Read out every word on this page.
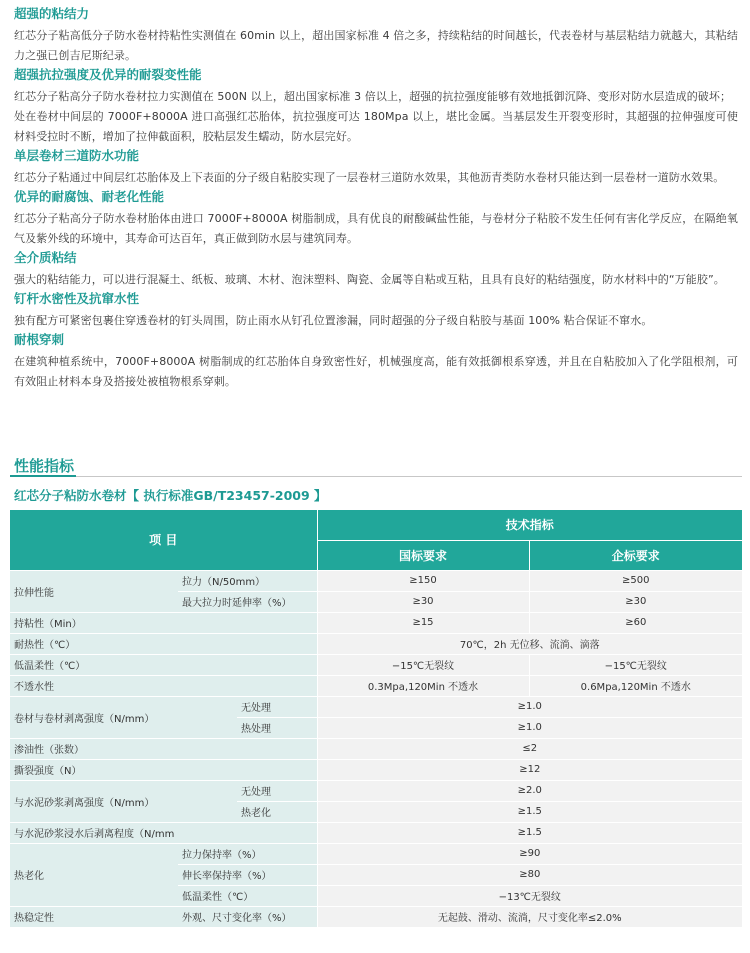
超强的粘结力

红芯分子粘高低分子防水卷材持粘性实测值在 60min 以上，超出国家标准 4 倍之多，持续粘结的时间越长，代表卷材与基层粘结力就越大，其粘结力之强已创吉尼斯纪录。

超强抗拉强度及优异的耐裂变性能

红芯分子粘高分子防水卷材拉力实测值在 500N 以上，超出国家标准 3 倍以上，超强的抗拉强度能够有效地抵御沉降、变形对防水层造成的破坏；

处在卷材中间层的 7000F+8000A 进口高强红芯胎体，抗拉强度可达 180Mpa 以上，堪比金属。当基层发生开裂变形时，其超强的拉伸强度可使材料受拉时不断，增加了拉伸截面积，胶粘层发生蠕动，防水层完好。

单层卷材三道防水功能

红芯分子粘通过中间层红芯胎体及上下表面的分子级自粘胶实现了一层卷材三道防水效果，其他沥青类防水卷材只能达到一层卷材一道防水效果。

优异的耐腐蚀、耐老化性能

红芯分子粘高分子防水卷材胎体由进口 7000F+8000A 树脂制成，具有优良的耐酸碱盐性能，与卷材分子粘胶不发生任何有害化学反应，在隔绝氧气及紫外线的环境中，其寿命可达百年，真正做到防水层与建筑同寿。

全介质粘结

强大的粘结能力，可以进行混凝土、纸板、玻璃、木材、泡沫塑料、陶瓷、金属等自粘或互粘，且具有良好的粘结强度，防水材料中的“万能胶”。

钉杆水密性及抗窜水性

独有配方可紧密包裹住穿透卷材的钉头周围，防止雨水从钉孔位置渗漏，同时超强的分子级自粘胶与基面 100% 粘合保证不窜水。

耐根穿刺

在建筑种植系统中，7000F+8000A 树脂制成的红芯胎体自身致密性好，机械强度高，能有效抵御根系穿透，并且在自粘胶加入了化学阻根剂，可有效阻止材料本身及搭接处被植物根系穿刺。

性能指标
红芯分子粘防水卷材【 执行标准GB/T23457-2009 】
项 目			技术指标	
			国标要求	企标要求
拉伸性能	拉力（N/50mm）		≥150	≥500
	最大拉力时延伸率（%）		≥30	≥30
持粘性（Min）			≥15	≥60
耐热性（℃）			70℃，2h 无位移、流淌、滴落	
低温柔性（℃）			−15℃无裂纹	−15℃无裂纹
不透水性			0.3Mpa,120Min 不透水	0.6Mpa,120Min 不透水
卷材与卷材剥离强度（N/mm）		无处理	≥1.0	
		热处理	≥1.0	
渗油性（张数）			≤2	
撕裂强度（N）			≥12	
与水泥砂浆剥离强度（N/mm）		无处理	≥2.0	
		热老化	≥1.5	
与水泥砂浆浸水后剥离程度（N/mm			≥1.5	
热老化	拉力保持率（%）		≥90	
	伸长率保持率（%）		≥80	
	低温柔性（℃）		−13℃无裂纹	
热稳定性	外观、尺寸变化率（%）		无起鼓、滑动、流淌，尺寸变化率≤2.0%	
